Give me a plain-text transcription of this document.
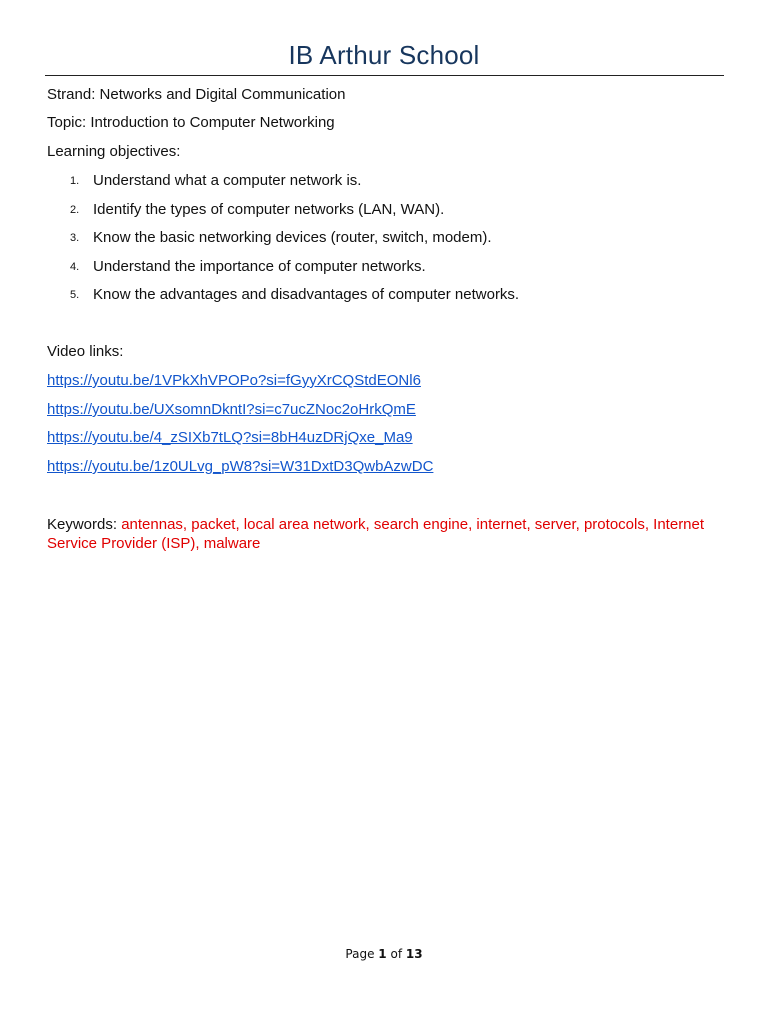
IB Arthur School
Strand: Networks and Digital Communication
Topic: Introduction to Computer Networking
Learning objectives:
1. Understand what a computer network is.
2. Identify the types of computer networks (LAN, WAN).
3. Know the basic networking devices (router, switch, modem).
4. Understand the importance of computer networks.
5. Know the advantages and disadvantages of computer networks.
Video links:
https://youtu.be/1VPkXhVPOPo?si=fGyyXrCQStdEONl6
https://youtu.be/UXsomnDkntI?si=c7ucZNoc2oHrkQmE
https://youtu.be/4_zSIXb7tLQ?si=8bH4uzDRjQxe_Ma9
https://youtu.be/1z0ULvg_pW8?si=W31DxtD3QwbAzwDC
Keywords: antennas, packet, local area network, search engine, internet, server, protocols, Internet Service Provider (ISP), malware
Page 1 of 13
